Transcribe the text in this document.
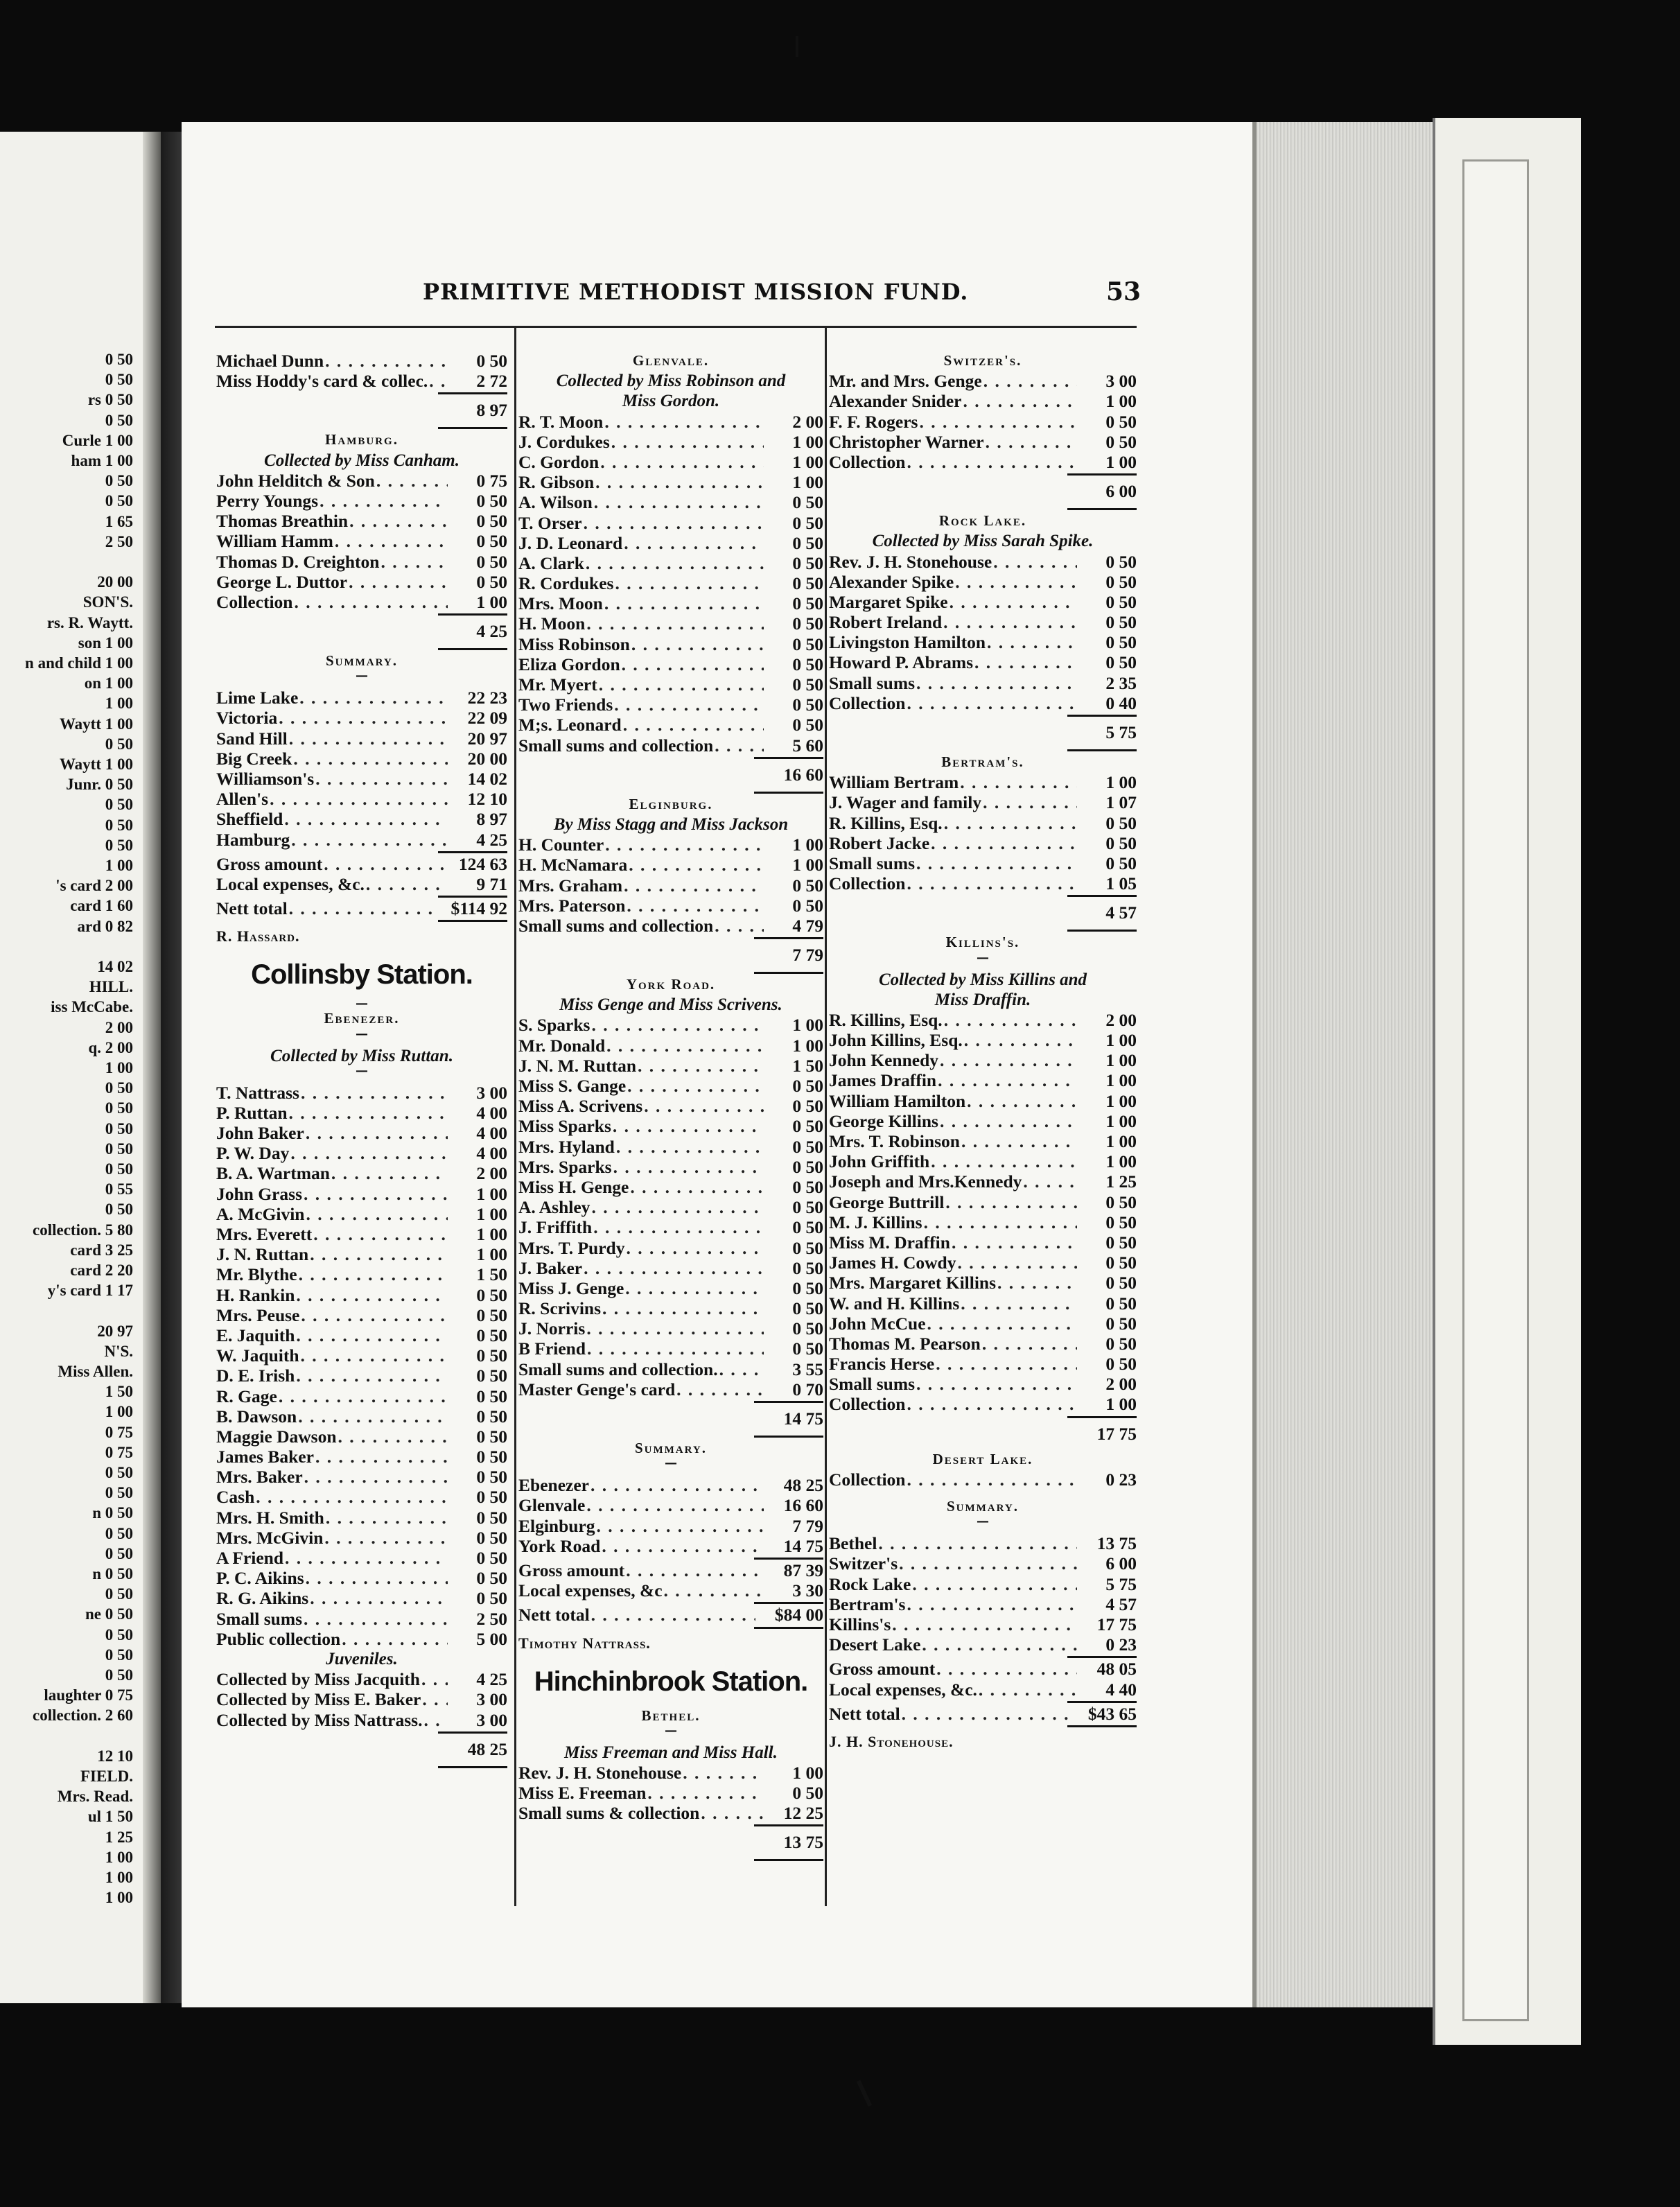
0 50
0 50
rs 0 50
0 50
Curle 1 00
ham 1 00
0 50
0 50
1 65
2 50
20 00
SON'S.
rs. R. Waytt.
son 1 00
n and child 1 00
on 1 00
1 00
Waytt 1 00
0 50
Waytt 1 00
Junr. 0 50
0 50
0 50
0 50
1 00
's card 2 00
card 1 60
ard 0 82
14 02
HILL.
iss McCabe.
2 00
q. 2 00
1 00
0 50
0 50
0 50
0 50
0 50
0 55
0 50
collection. 5 80
card 3 25
card 2 20
y's card 1 17
20 97
N'S.
Miss Allen.
1 50
1 00
0 75
0 75
0 50
0 50
n 0 50
0 50
0 50
n 0 50
0 50
ne 0 50
0 50
0 50
0 50
laughter 0 75
collection. 2 60
12 10
FIELD.
Mrs. Read.
ul 1 50
1 25
1 00
1 00
1 00
PRIMITIVE METHODIST MISSION FUND.	53
Michael Dunn . . .	0 50
Miss Hoddy's card & collec. . . .	2 72
8 97
Hamburg.
Collected by Miss Canham.
John Helditch & Son . . .	0 75
Perry Youngs . . .	0 50
Thomas Breathin . . .	0 50
William Hamm . . .	0 50
Thomas D. Creighton . . .	0 50
George L. Duttor . . .	0 50
Collection . . .	1 00
4 25
Summary.
—
Lime Lake . . .	22 23
Victoria . . .	22 09
Sand Hill . . .	20 97
Big Creek . . .	20 00
Williamson's . . .	14 02
Allen's . . .	12 10
Sheffield . . .	8 97
Hamburg . . .	4 25
Gross amount . . .	124 63
Local expenses, &c. . . .	9 71
Nett total . . .	$114 92
R. Hassard.
Collinsby Station.
—
Ebenezer.
—
Collected by Miss Ruttan.
—
T. Nattrass . . .	3 00
P. Ruttan . . .	4 00
John Baker . . .	4 00
P. W. Day . . .	4 00
B. A. Wartman . . .	2 00
John Grass . . .	1 00
A. McGivin . . .	1 00
Mrs. Everett . . .	1 00
J. N. Ruttan . . .	1 00
Mr. Blythe . . .	1 50
H. Rankin . . .	0 50
Mrs. Peuse . . .	0 50
E. Jaquith . . .	0 50
W. Jaquith . . .	0 50
D. E. Irish . . .	0 50
R. Gage . . .	0 50
B. Dawson . . .	0 50
Maggie Dawson . . .	0 50
James Baker . . .	0 50
Mrs. Baker . . .	0 50
Cash . . .	0 50
Mrs. H. Smith . . .	0 50
Mrs. McGivin . . .	0 50
A Friend . . .	0 50
P. C. Aikins . . .	0 50
R. G. Aikins . . .	0 50
Small sums . . .	2 50
Public collection . . .	5 00
Juveniles.
Collected by Miss Jacquith . . .	4 25
Collected by Miss E. Baker . . .	3 00
Collected by Miss Nattrass. . . .	3 00
48 25
Glenvale.
Collected by Miss Robinson and
Miss Gordon.
R. T. Moon . . .	2 00
J. Cordukes . . .	1 00
C. Gordon . . .	1 00
R. Gibson . . .	1 00
A. Wilson . . .	0 50
T. Orser . . .	0 50
J. D. Leonard . . .	0 50
A. Clark . . .	0 50
R. Cordukes . . .	0 50
Mrs. Moon . . .	0 50
H. Moon . . .	0 50
Miss Robinson . . .	0 50
Eliza Gordon . . .	0 50
Mr. Myert . . .	0 50
Two Friends . . .	0 50
M;s. Leonard . . .	0 50
Small sums and collection . . .	5 60
16 60
Elginburg.
By Miss Stagg and Miss Jackson
H. Counter . . .	1 00
H. McNamara . . .	1 00
Mrs. Graham . . .	0 50
Mrs. Paterson . . .	0 50
Small sums and collection . . .	4 79
7 79
York Road.
Miss Genge and Miss Scrivens.
S. Sparks . . .	1 00
Mr. Donald . . .	1 00
J. N. M. Ruttan . . .	1 50
Miss S. Gange . . .	0 50
Miss A. Scrivens . . .	0 50
Miss Sparks . . .	0 50
Mrs. Hyland . . .	0 50
Mrs. Sparks . . .	0 50
Miss H. Genge . . .	0 50
A. Ashley . . .	0 50
J. Friffith . . .	0 50
Mrs. T. Purdy . . .	0 50
J. Baker . . .	0 50
Miss J. Genge . . .	0 50
R. Scrivins . . .	0 50
J. Norris . . .	0 50
B Friend . . .	0 50
Small sums and collection. . . .	3 55
Master Genge's card . . .	0 70
14 75
Summary.
—
Ebenezer . . .	48 25
Glenvale . . .	16 60
Elginburg . . .	7 79
York Road . . .	14 75
Gross amount . . .	87 39
Local expenses, &c . . .	3 30
Nett total . . .	$84 00
Timothy Nattrass.
Hinchinbrook Station.
Bethel.
—
Miss Freeman and Miss Hall.
Rev. J. H. Stonehouse . . .	1 00
Miss E. Freeman . . .	0 50
Small sums & collection . . .	12 25
13 75
Switzer's.
Mr. and Mrs. Genge . . .	3 00
Alexander Snider . . .	1 00
F. F. Rogers . . .	0 50
Christopher Warner . . .	0 50
Collection . . .	1 00
6 00
Rock Lake.
Collected by Miss Sarah Spike.
Rev. J. H. Stonehouse . . .	0 50
Alexander Spike . . .	0 50
Margaret Spike . . .	0 50
Robert Ireland . . .	0 50
Livingston Hamilton . . .	0 50
Howard P. Abrams . . .	0 50
Small sums . . .	2 35
Collection . . .	0 40
5 75
Bertram's.
William Bertram . . .	1 00
J. Wager and family . . .	1 07
R. Killins, Esq. . . .	0 50
Robert Jacke . . .	0 50
Small sums . . .	0 50
Collection . . .	1 05
4 57
Killins's.
—
Collected by Miss Killins and
Miss Draffin.
R. Killins, Esq. . . .	2 00
John Killins, Esq. . . .	1 00
John Kennedy . . .	1 00
James Draffin . . .	1 00
William Hamilton . . .	1 00
George Killins . . .	1 00
Mrs. T. Robinson . . .	1 00
John Griffith . . .	1 00
Joseph and Mrs.Kennedy . . .	1 25
George Buttrill . . .	0 50
M. J. Killins . . .	0 50
Miss M. Draffin . . .	0 50
James H. Cowdy . . .	0 50
Mrs. Margaret Killins . . .	0 50
W. and H. Killins . . .	0 50
John McCue . . .	0 50
Thomas M. Pearson . . .	0 50
Francis Herse . . .	0 50
Small sums . . .	2 00
Collection . . .	1 00
17 75
Desert Lake.
Collection . . .	0 23
Summary.
—
Bethel . . .	13 75
Switzer's . . .	6 00
Rock Lake . . .	5 75
Bertram's . . .	4 57
Killins's . . .	17 75
Desert Lake . . .	0 23
Gross amount . . .	48 05
Local expenses, &c. . . .	4 40
Nett total . . .	$43 65
J. H. Stonehouse.
